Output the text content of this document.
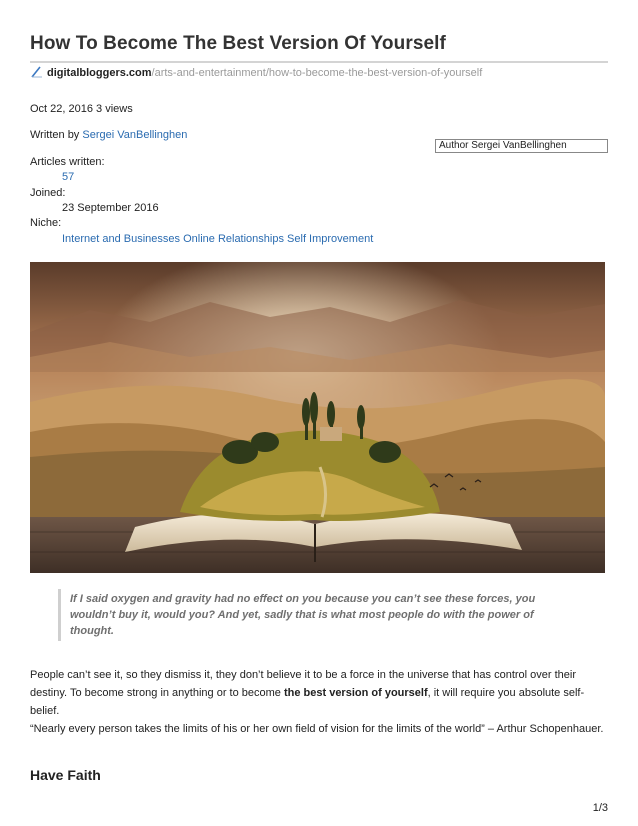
How To Become The Best Version Of Yourself
digitalbloggers.com/arts-and-entertainment/how-to-become-the-best-version-of-yourself
Oct 22, 2016 3 views
Written by Sergei VanBellinghen
Author Sergei VanBellinghen
Articles written:
57
Joined:
23 September 2016
Niche:
Internet and Businesses Online Relationships Self Improvement
If I said oxygen and gravity had no effect on you because you can’t see these forces, you wouldn’t buy it, would you? And yet, sadly that is what most people do with the power of thought.

People can’t see it, so they dismiss it, they don’t believe it to be a force in the universe that has control over their destiny. To become strong in anything or to become the best version of yourself, it will require you absolute self-belief.

“Nearly every person takes the limits of his or her own field of vision for the limits of the world” – Arthur Schopenhauer.

Have Faith
1/3
